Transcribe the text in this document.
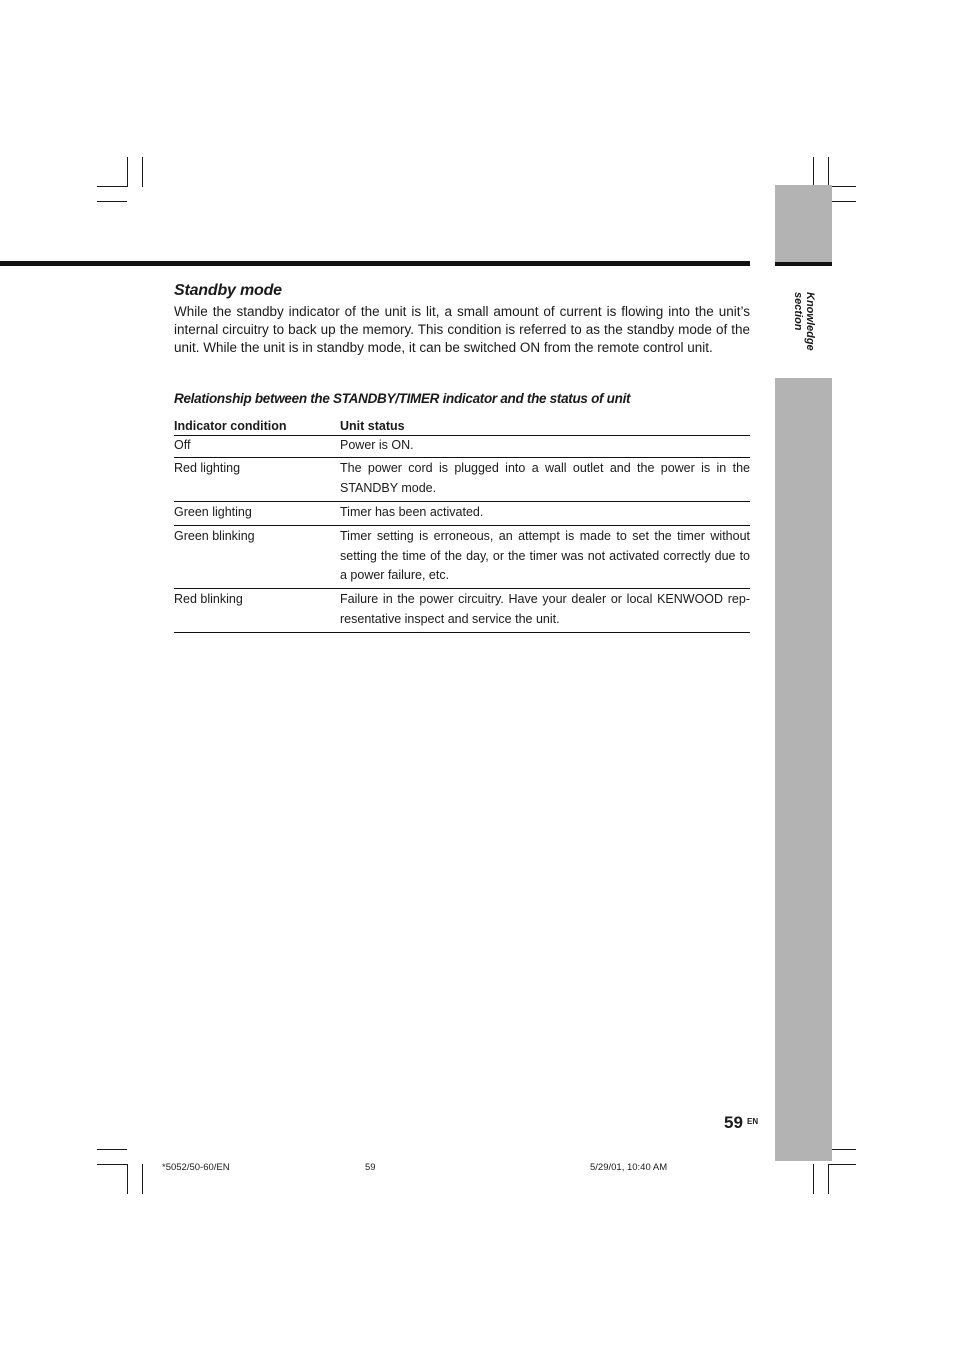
Knowledge
section
Standby mode

While the standby indicator of the unit is lit, a small amount of current is flowing into the unit’s internal circuitry to back up the memory. This condition is referred to as the standby mode of the unit. While the unit is in standby mode, it can be switched ON from the remote control unit.

Relationship between the STANDBY/TIMER indicator and the status of unit
Indicator condition	Unit status
Off	Power is ON.
Red lighting	The power cord is plugged into a wall outlet and the power is in the STANDBY mode.
Green lighting	Timer has been activated.
Green blinking	Timer setting is erroneous, an attempt is made to set the timer without setting the time of the day, or the timer was not activated correctly due to a power failure, etc.
Red blinking	Failure in the power circuitry. Have your dealer or local KENWOOD rep-resentative inspect and service the unit.
59 EN
*5052/50-60/EN	59	5/29/01, 10:40 AM
